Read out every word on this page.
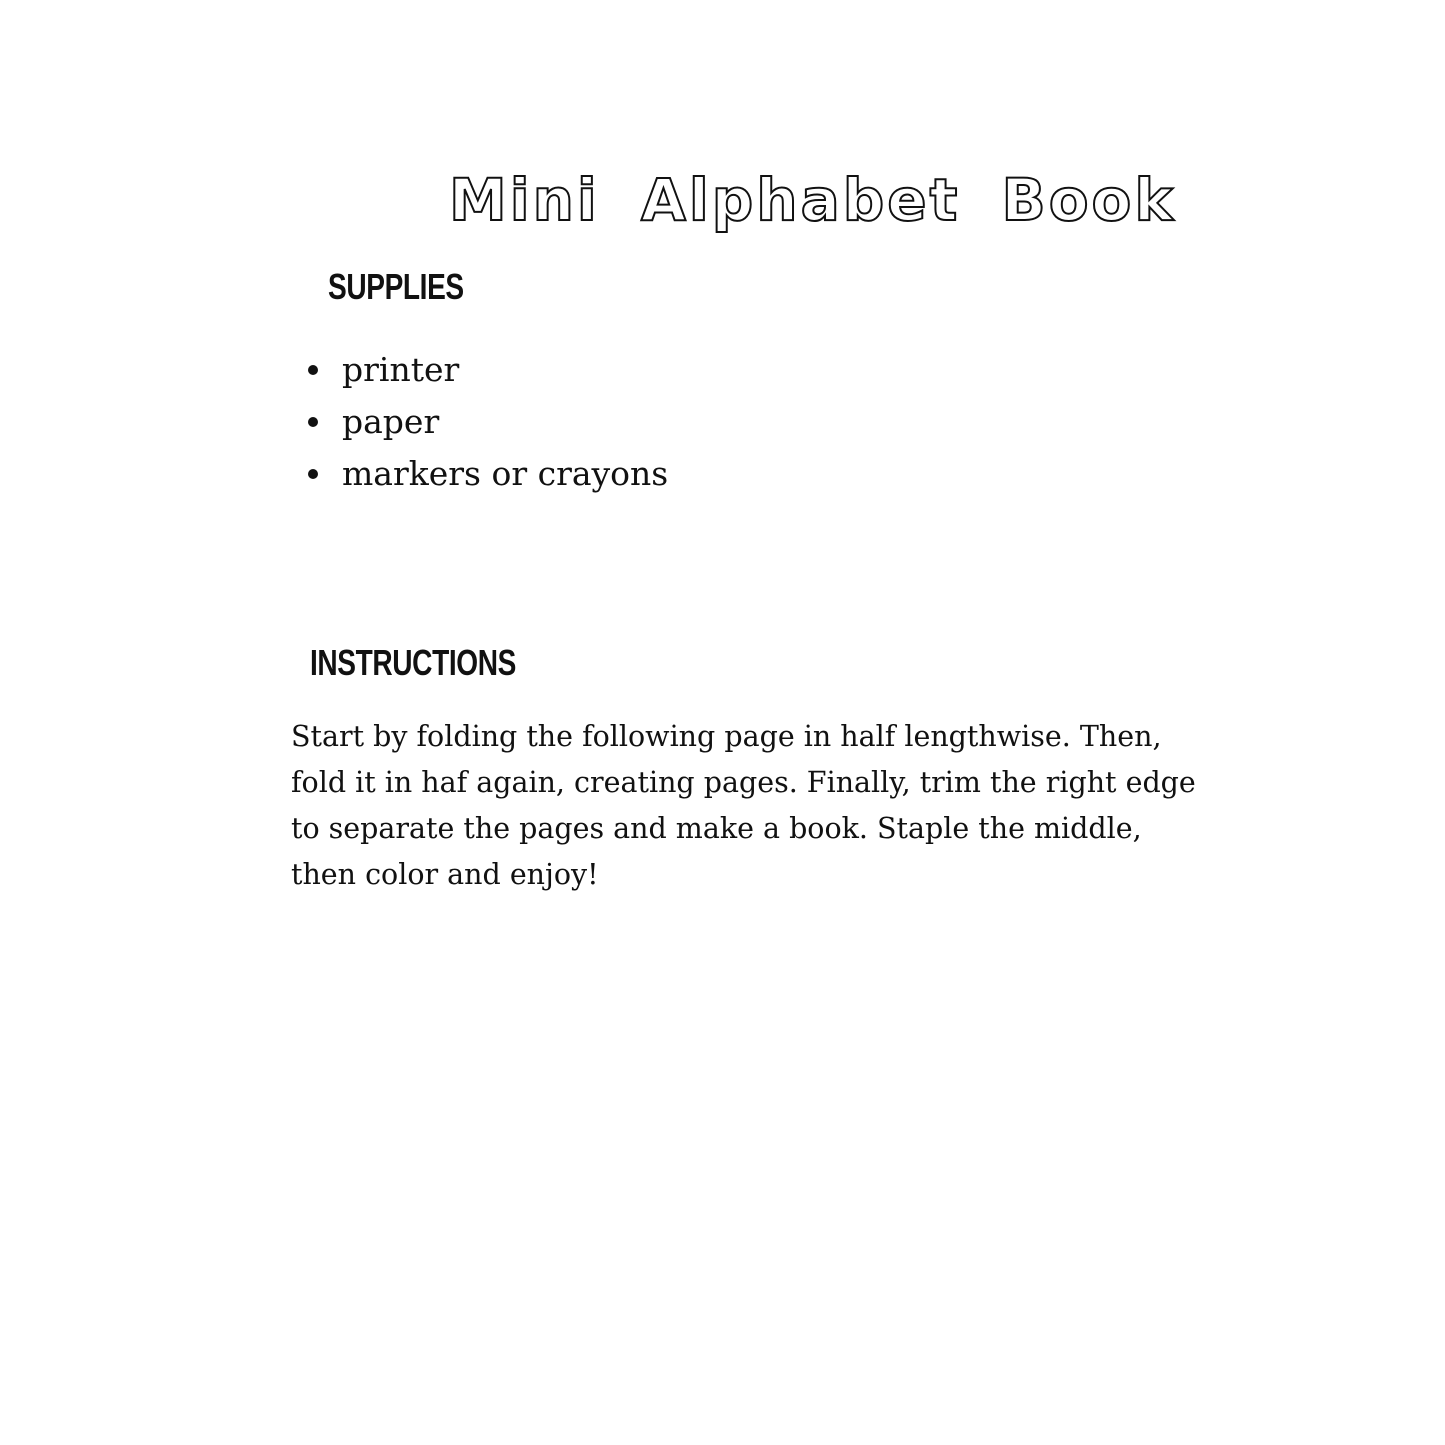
Mini Alphabet Book
SUPPLIES
printer
paper
markers or crayons
INSTRUCTIONS

Start by folding the following page in half lengthwise. Then, fold it in haf again, creating pages. Finally, trim the right edge to separate the pages and make a book. Staple the middle, then color and enjoy!
